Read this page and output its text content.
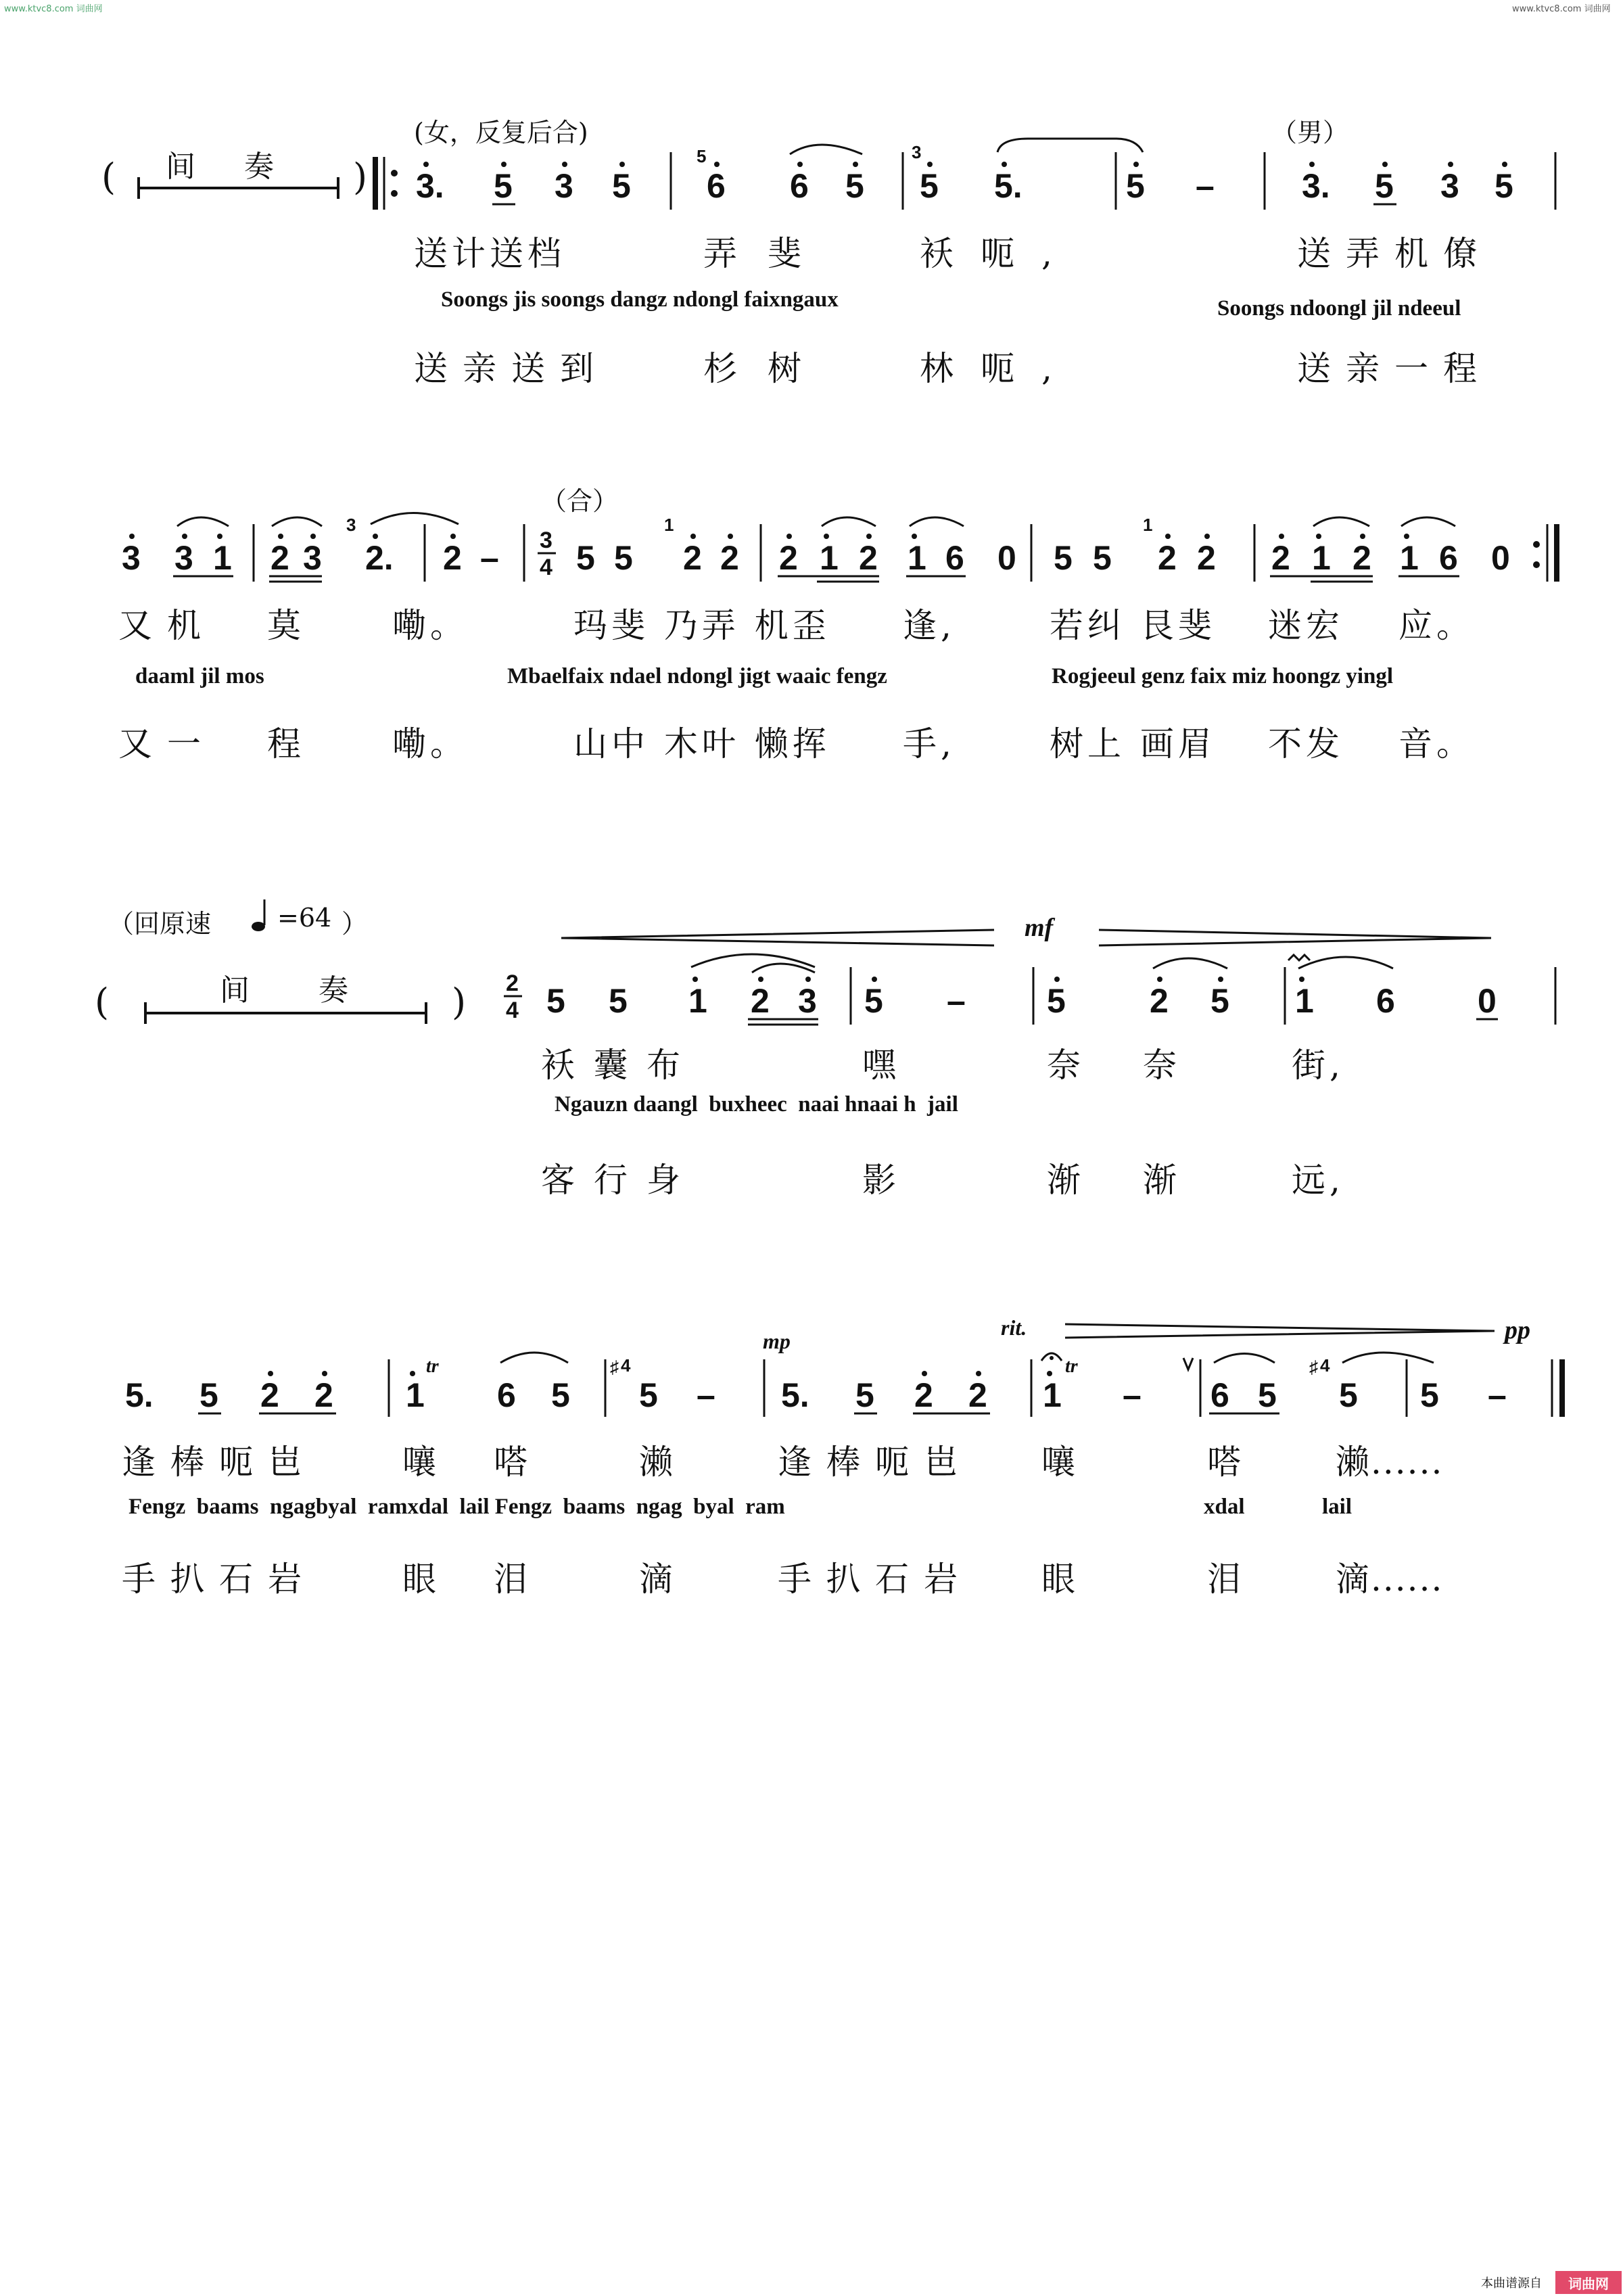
www.ktvc8.com 词曲网	www.ktvc8.com 词曲网
3. 5 3 5 6 6 5 5 5.	5 –	3. 5 3 5
5	3
3 3 1 2 3 2. 2 – 5 5 2 2 2 1 2 1 6 0 5 5 2 2 2 1 2 1 6 0
3
4
3	1	1
2
4 5 5 1 2 3 5 – 5 2 5 1 6 0
5. 5 2 2 1 6 5 5 – 5. 5 2 2 1 – 6 5 5 5 –
4	4
♯	♯
(	)
间 奏
(女，反复后合)	（男）
送计送档	弄斐	袄呃,	送弄机僚
Soongs jis soongs dangz ndongl faixngaux	Soongs ndoongl jil ndeeul
送亲送到	杉树	林呃,	送亲一程
（合）
又机 莫	嘞。	玛斐 乃弄 机歪 逢,	若纠 艮斐 迷宏 应。
daaml jil mos	Mbaelfaix ndael ndongl jigt waaic fengz	Rogjeeul genz faix miz hoongz yingl
又一 程	嘞。	山中 木叶 懒挥 手,	树上 画眉 不发 音。
（回原速	=64 ）
(	)
间 奏
mf
袄囊布	嘿	奈 奈	街,
Ngauzn daangl  buxheec  naai hnaai h  jail
客行身	影	渐 渐	远,
mp
rit.	pp
tr	tr
逢棒呃岜	嚷 嗒	濑	逢棒呃岜 嚷	嗒	濑......
Fengz  baams  ngagbyal  ramxdal  lail Fengz  baams  ngag  byal  ram	xdal	lail
手扒石岩	眼 泪	滴	手扒石岩 眼	泪	滴......
本曲谱源自	词曲网
